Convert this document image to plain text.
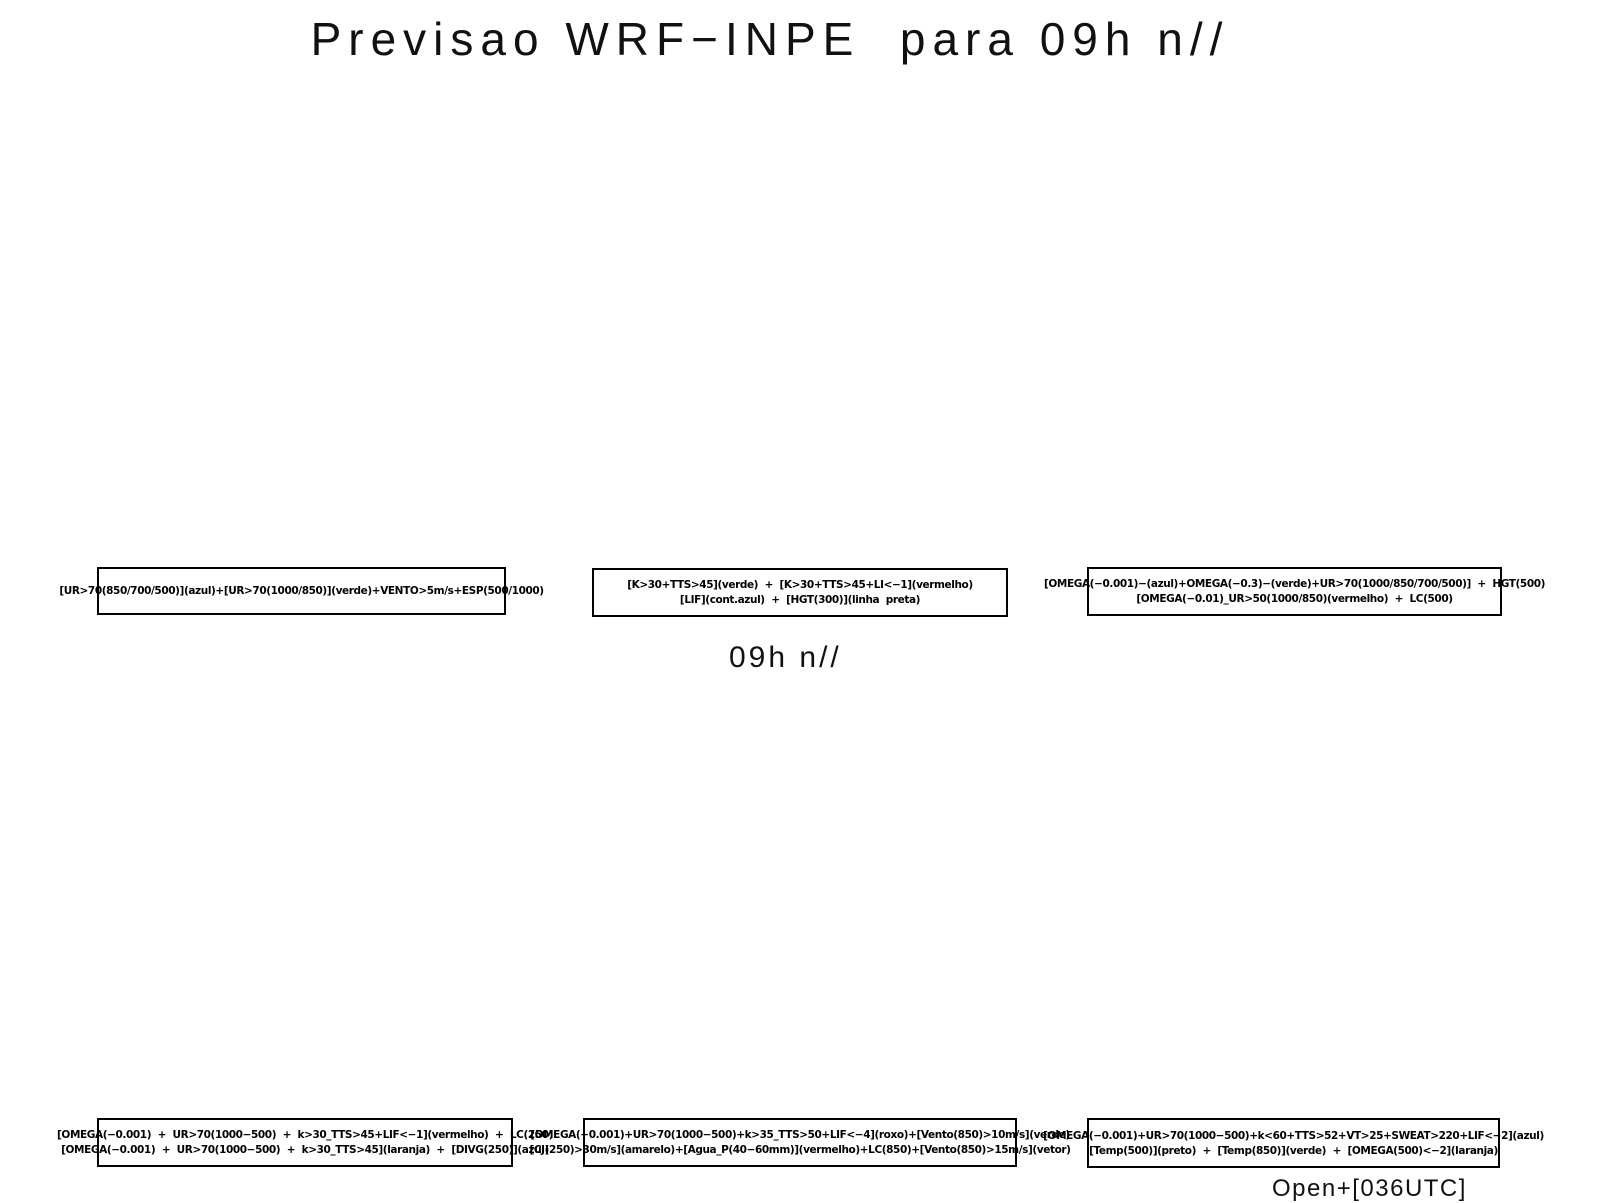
Previsao WRF−INPE  para 09h n//
[UR>70(850/700/500)](azul)+[UR>70(1000/850)](verde)+VENTO>5m/s+ESP(500/1000)	[K>30+TTS>45](verde)  +  [K>30+TTS>45+LI<−1](vermelho)
[LIF](cont.azul)  +  [HGT(300)](linha  preta)
[OMEGA(−0.001)−(azul)+OMEGA(−0.3)−(verde)+UR>70(1000/850/700/500)]  +  HGT(500)
[OMEGA(−0.01)_UR>50(1000/850)(vermelho)  +  LC(500)
09h n//
[OMEGA(−0.001)  +  UR>70(1000−500)  +  k>30_TTS>45+LIF<−1](vermelho)  +  LC(250)
[OMEGA(−0.001)  +  UR>70(1000−500)  +  k>30_TTS>45](laranja)  +  [DIVG(250)](azul)
[OMEGA(−0.001)+UR>70(1000−500)+k>35_TTS>50+LIF<−4](roxo)+[Vento(850)>10m/s](verde)
[CJ(250)>30m/s](amarelo)+[Agua_P(40−60mm)](vermelho)+LC(850)+[Vento(850)>15m/s](vetor)
[OMEGA(−0.001)+UR>70(1000−500)+k<60+TTS>52+VT>25+SWEAT>220+LIF<−2](azul)
[Temp(500)](preto)  +  [Temp(850)](verde)  +  [OMEGA(500)<−2](laranja)
Open+[036UTC]
